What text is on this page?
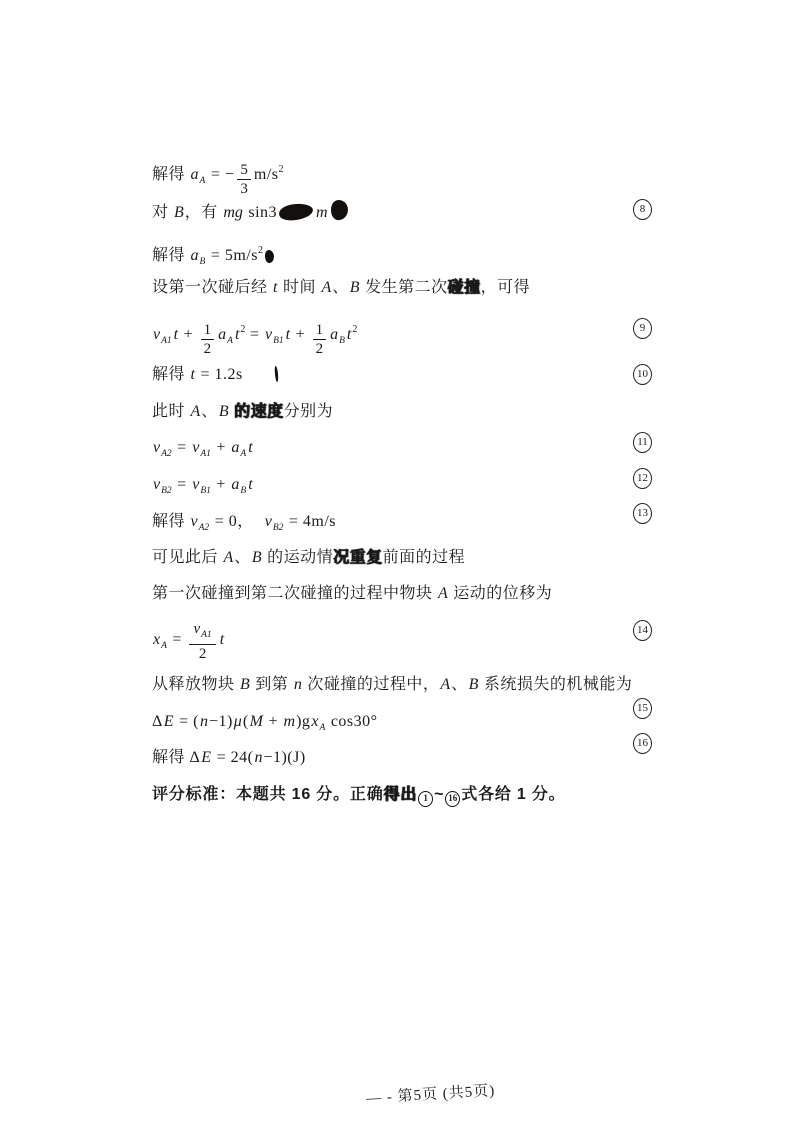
解得 $a_A$ = − $\frac{5}{3} m/s^2$
对 B，有 mg sin3 m
解得 $a_B = 5m/s^2$
设第一次碰后经 t 时间 A、B 发生第二次碰撞，可得
$v_{A1}$ $t + \frac{1}{2} a_A$ $t^2 = v_{B1}$ $t + \frac{1}{2} a_B$ $t^2$
解得 t = 1.2s
此时 A、B 的速度分别为
$v_{A2} = v_{A1} + a_A$ t
$v_{B2} = v_{B1} + a_B$ t
解得 $v_{A2} = 0$， $v_{B2} = 4m/s$
可见此后 A、B 的运动情况重复前面的过程
第一次碰撞到第二次碰撞的过程中物块 A 运动的位移为
$x_A = \frac{v_{A1}}{2}$ t
从释放物块 B 到第 n 次碰撞的过程中，A、B 系统损失的机械能为
$\Delta E = (n-1)\mu(M + m)gx_A$ cos30°
解得 ΔE = 24(n−1)(J)
评分标准：本题共 16 分。正确得出 1 ~ 16 式各给 1 分。
8
9
10
11
12
13
14
15
16
— - 第5页 (共5页)
